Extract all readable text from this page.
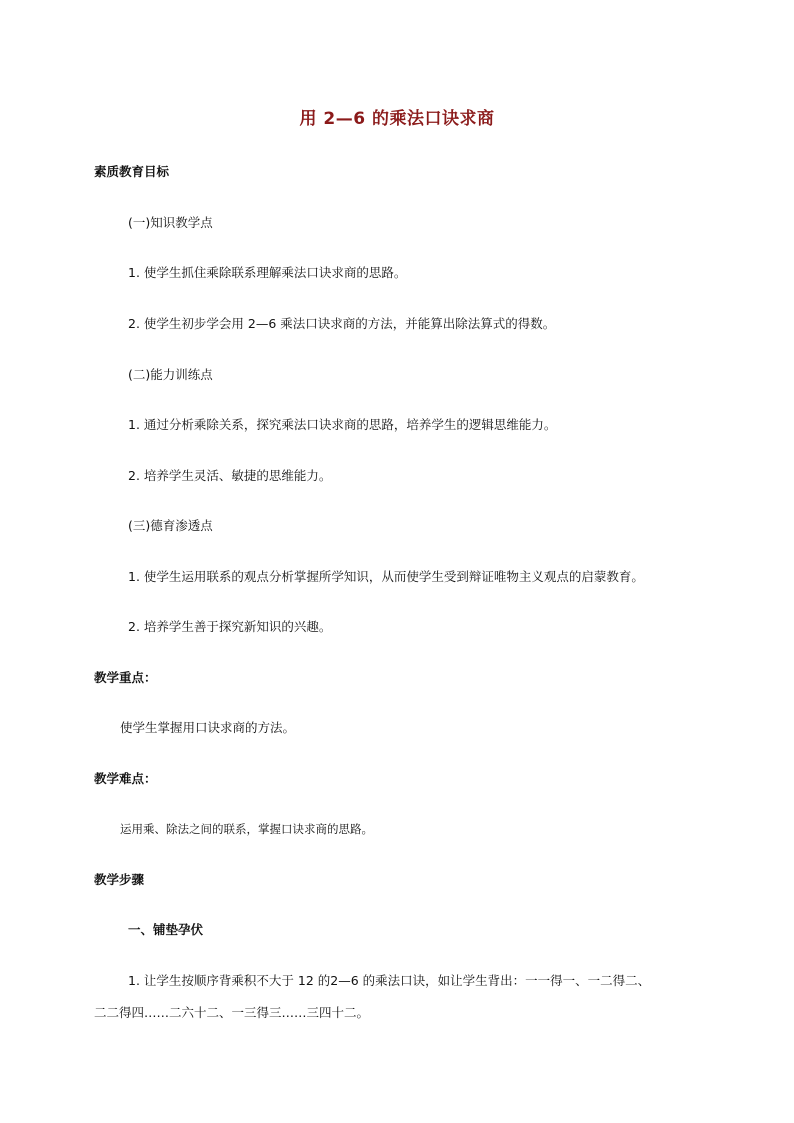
用 2—6 的乘法口诀求商
素质教育目标
(一)知识教学点
1. 使学生抓住乘除联系理解乘法口诀求商的思路。
2. 使学生初步学会用 2—6 乘法口诀求商的方法，并能算出除法算式的得数。
(二)能力训练点
1. 通过分析乘除关系，探究乘法口诀求商的思路，培养学生的逻辑思维能力。
2. 培养学生灵活、敏捷的思维能力。
(三)德育渗透点
1. 使学生运用联系的观点分析掌握所学知识，从而使学生受到辩证唯物主义观点的启蒙教育。
2. 培养学生善于探究新知识的兴趣。
教学重点：
使学生掌握用口诀求商的方法。
教学难点：
运用乘、除法之间的联系，掌握口诀求商的思路。
教学步骤
一、铺垫孕伏
1. 让学生按顺序背乘积不大于 12 的2—6 的乘法口诀，如让学生背出：一一得一、一二得二、
二二得四……二六十二、一三得三……三四十二。
